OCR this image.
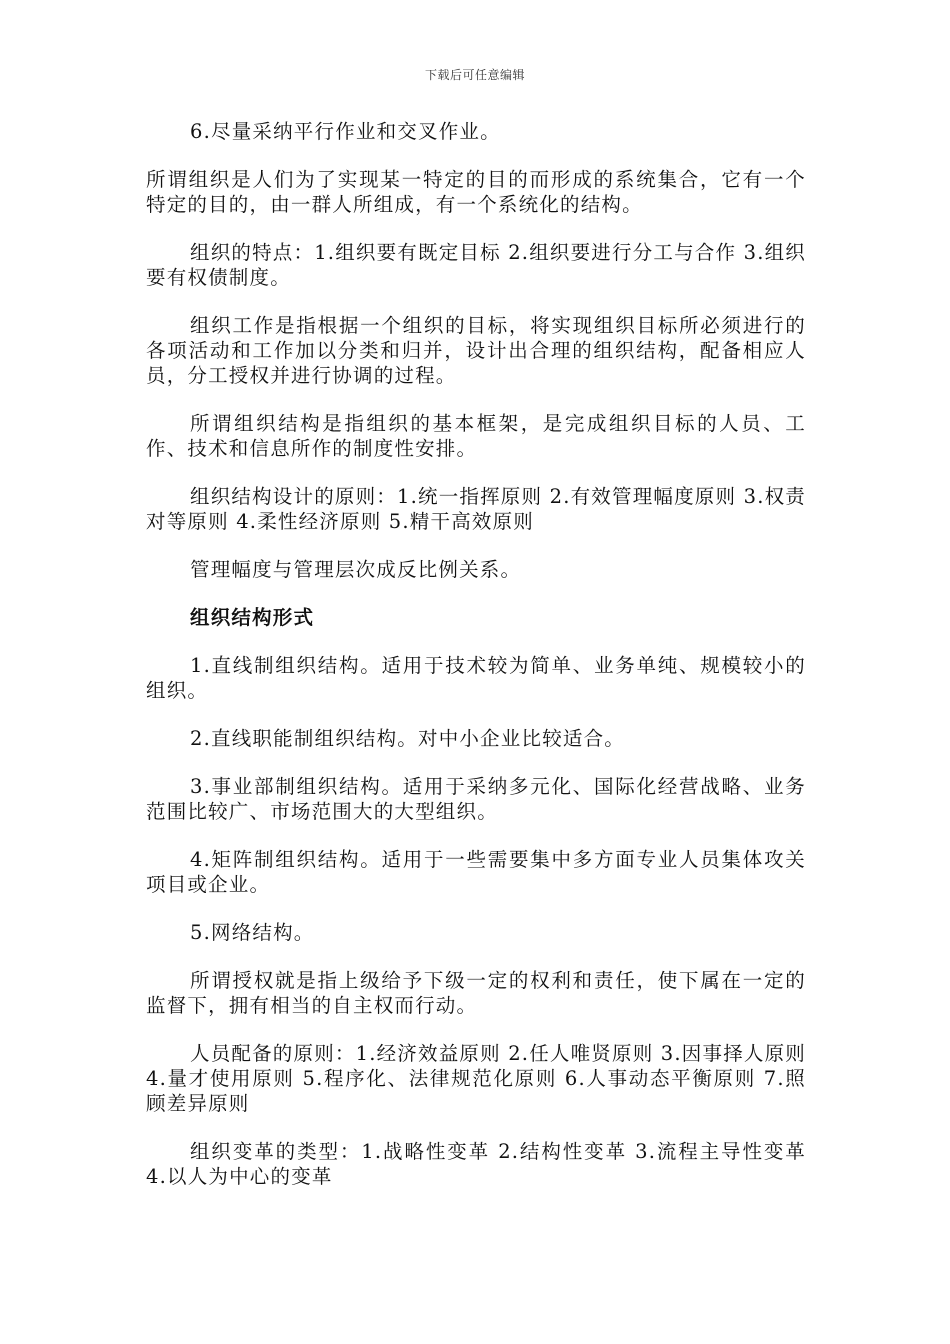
下载后可任意编辑

6.尽量采纳平行作业和交叉作业。

所谓组织是人们为了实现某一特定的目的而形成的系统集合，它有一个特定的目的，由一群人所组成，有一个系统化的结构。

组织的特点：1.组织要有既定目标 2.组织要进行分工与合作 3.组织要有权债制度。

组织工作是指根据一个组织的目标，将实现组织目标所必须进行的各项活动和工作加以分类和归并，设计出合理的组织结构，配备相应人员，分工授权并进行协调的过程。

所谓组织结构是指组织的基本框架，是完成组织目标的人员、工作、技术和信息所作的制度性安排。

组织结构设计的原则：1.统一指挥原则 2.有效管理幅度原则 3.权责对等原则 4.柔性经济原则 5.精干高效原则

管理幅度与管理层次成反比例关系。

组织结构形式

1.直线制组织结构。适用于技术较为简单、业务单纯、规模较小的组织。

2.直线职能制组织结构。对中小企业比较适合。

3.事业部制组织结构。适用于采纳多元化、国际化经营战略、业务范围比较广、市场范围大的大型组织。

4.矩阵制组织结构。适用于一些需要集中多方面专业人员集体攻关项目或企业。

5.网络结构。

所谓授权就是指上级给予下级一定的权利和责任，使下属在一定的监督下，拥有相当的自主权而行动。

人员配备的原则：1.经济效益原则 2.任人唯贤原则 3.因事择人原则 4.量才使用原则 5.程序化、法律规范化原则 6.人事动态平衡原则 7.照顾差异原则

组织变革的类型：1.战略性变革 2.结构性变革 3.流程主导性变革 4.以人为中心的变革
